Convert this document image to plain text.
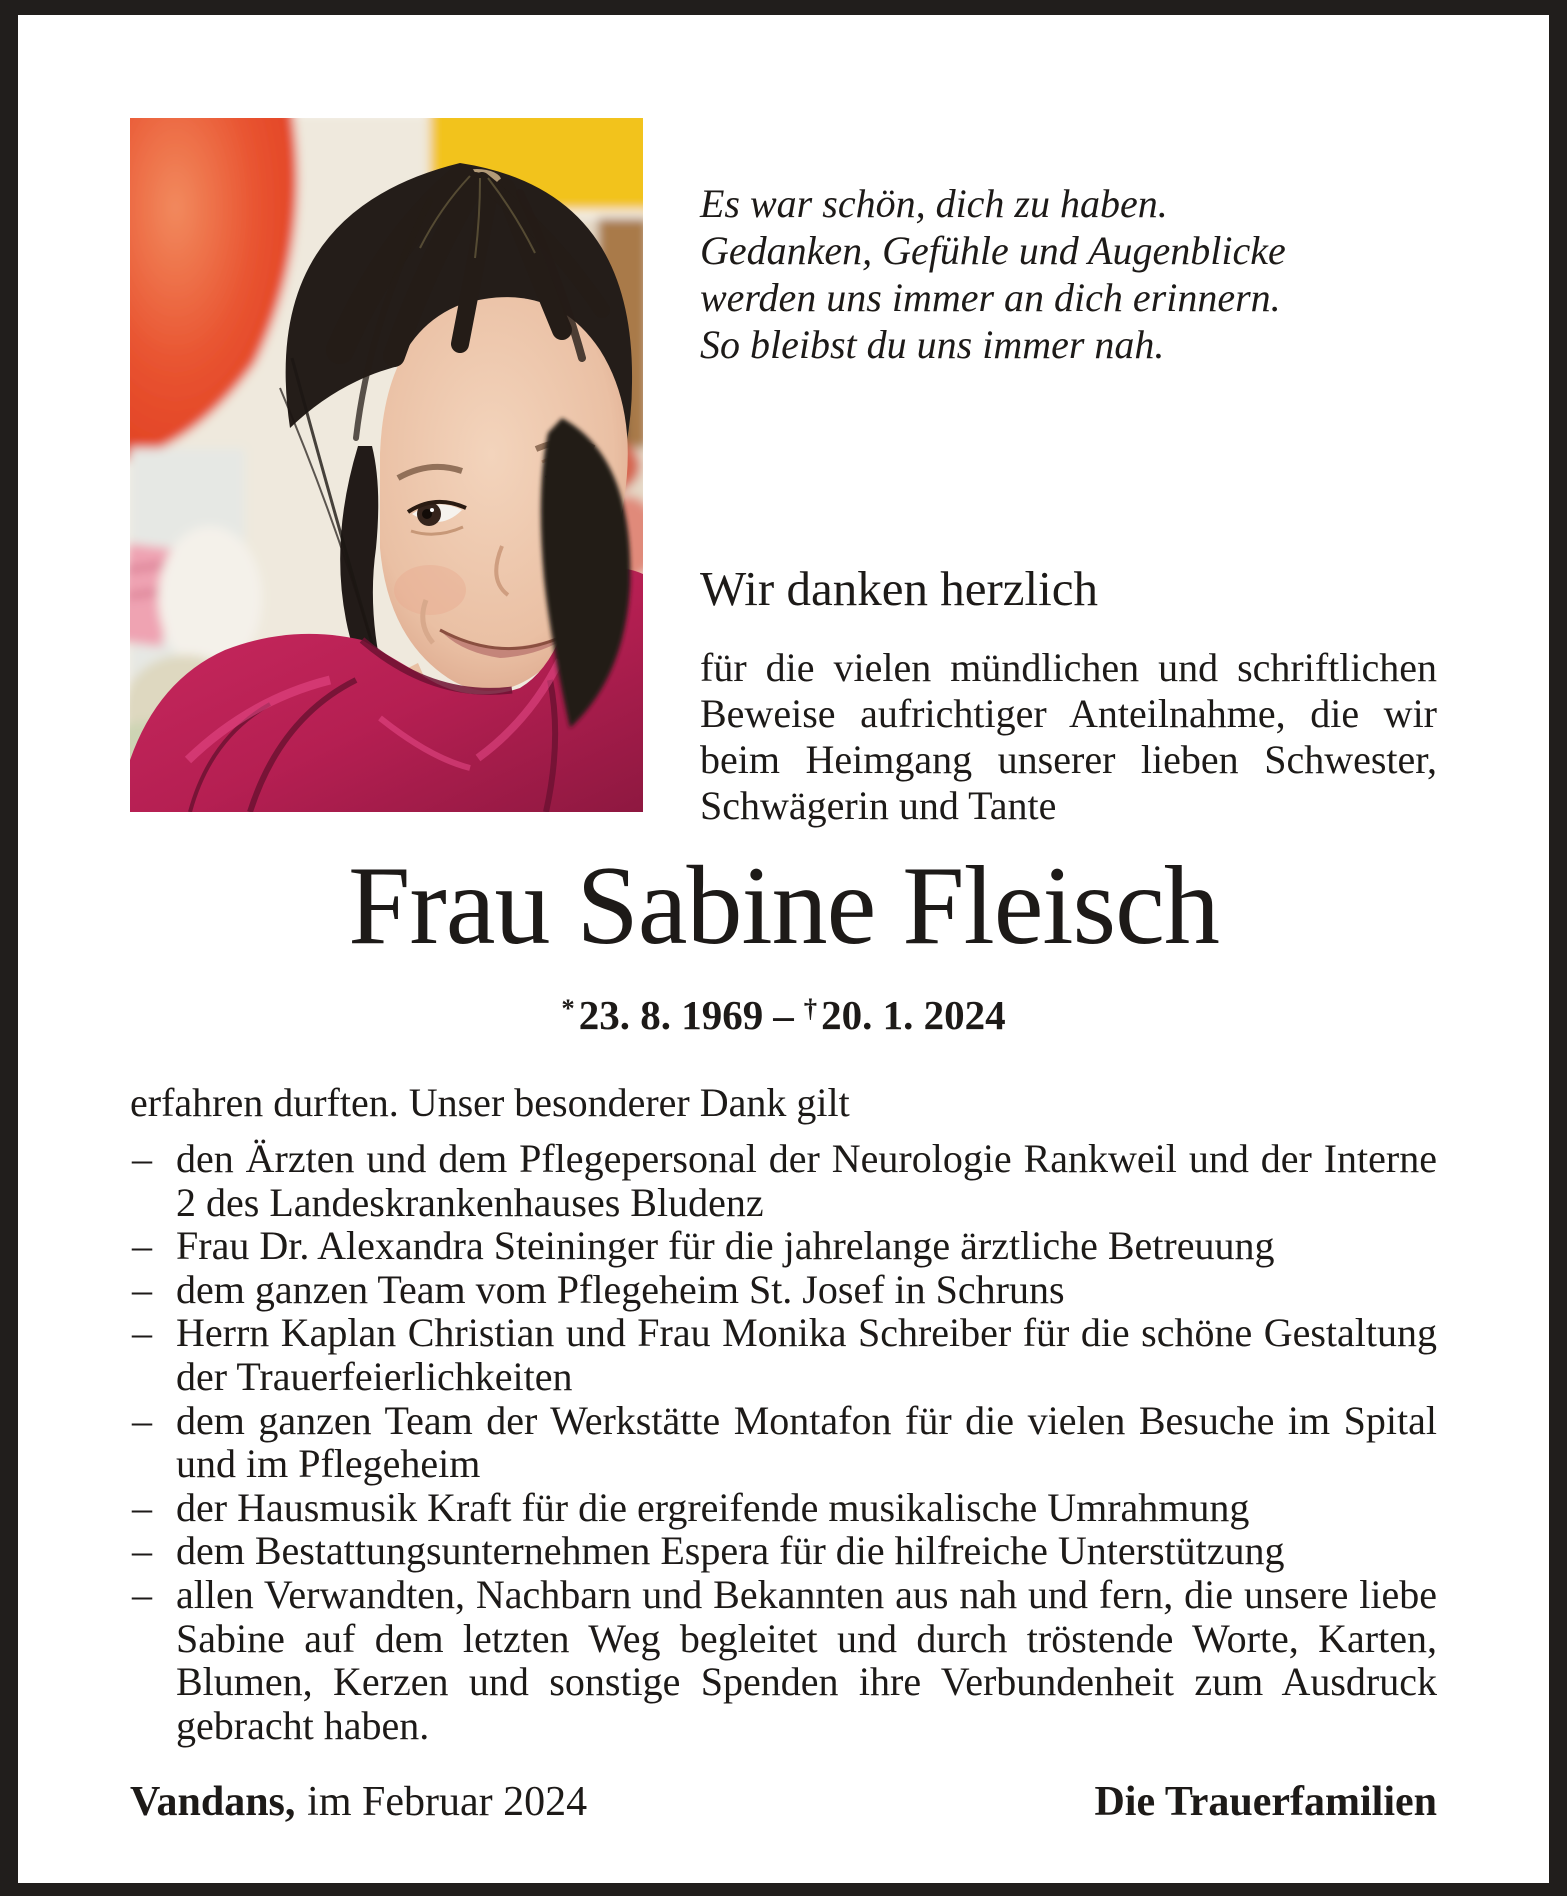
Es war schön, dich zu haben.
Gedanken, Gefühle und Augenblicke
werden uns immer an dich erinnern.
So bleibst du uns immer nah.
Wir danken herzlich

für die vielen mündlichen und schriftlichen Beweise aufrichtiger Anteilnahme, die wir beim Heimgang unserer lieben Schwester, Schwägerin und Tante

Frau Sabine Fleisch
*23. 8. 1969 – †20. 1. 2024

erfahren durften. Unser besonderer Dank gilt

– den Ärzten und dem Pflegepersonal der Neurologie Rankweil und der Interne 2 des Landeskrankenhauses Bludenz
– Frau Dr. Alexandra Steininger für die jahrelange ärztliche Betreuung
– dem ganzen Team vom Pflegeheim St. Josef in Schruns
– Herrn Kaplan Christian und Frau Monika Schreiber für die schöne Gestaltung der Trauerfeierlichkeiten
– dem ganzen Team der Werkstätte Montafon für die vielen Besuche im Spital und im Pflegeheim
– der Hausmusik Kraft für die ergreifende musikalische Umrahmung
– dem Bestattungsunternehmen Espera für die hilfreiche Unterstützung
– allen Verwandten, Nachbarn und Bekannten aus nah und fern, die unsere liebe Sabine auf dem letzten Weg begleitet und durch tröstende Worte, Karten, Blumen, Kerzen und sonstige Spenden ihre Verbundenheit zum Ausdruck gebracht haben.
Vandans, im Februar 2024	Die Trauerfamilien
